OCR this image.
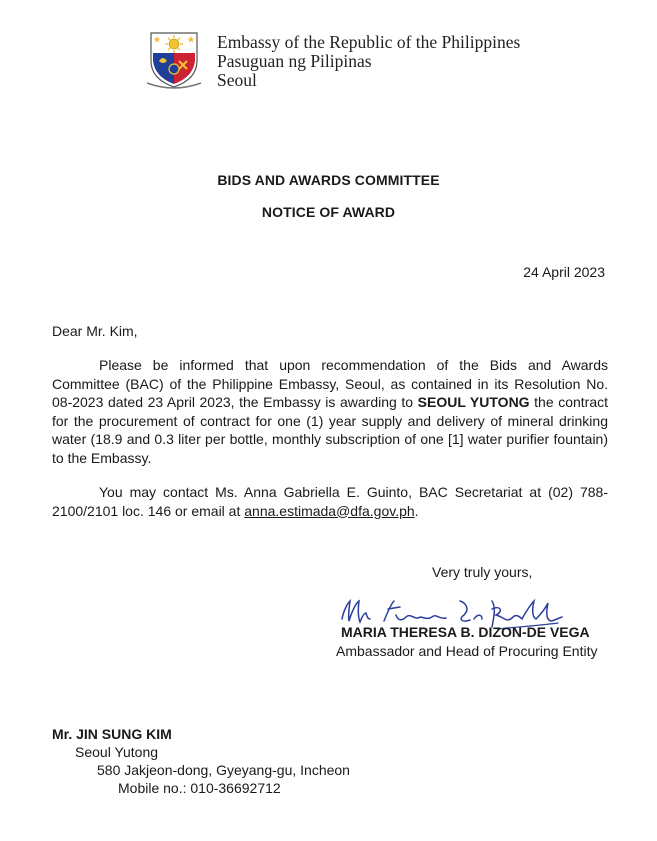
Embassy of the Republic of the Philippines
Pasuguan ng Pilipinas
Seoul
BIDS AND AWARDS COMMITTEE
NOTICE OF AWARD
24 April 2023
Dear Mr. Kim,
Please be informed that upon recommendation of the Bids and Awards Committee (BAC) of the Philippine Embassy, Seoul, as contained in its Resolution No. 08-2023 dated 23 April 2023, the Embassy is awarding to SEOUL YUTONG the contract for the procurement of contract for one (1) year supply and delivery of mineral drinking water (18.9 and 0.3 liter per bottle, monthly subscription of one [1] water purifier fountain) to the Embassy.
You may contact Ms. Anna Gabriella E. Guinto, BAC Secretariat at (02) 788-2100/2101 loc. 146 or email at anna.estimada@dfa.gov.ph.
Very truly yours,
MARIA THERESA B. DIZON-DE VEGA
Ambassador and Head of Procuring Entity
Mr. JIN SUNG KIM
Seoul Yutong
580 Jakjeon-dong, Gyeyang-gu, Incheon
Mobile no.: 010-36692712
